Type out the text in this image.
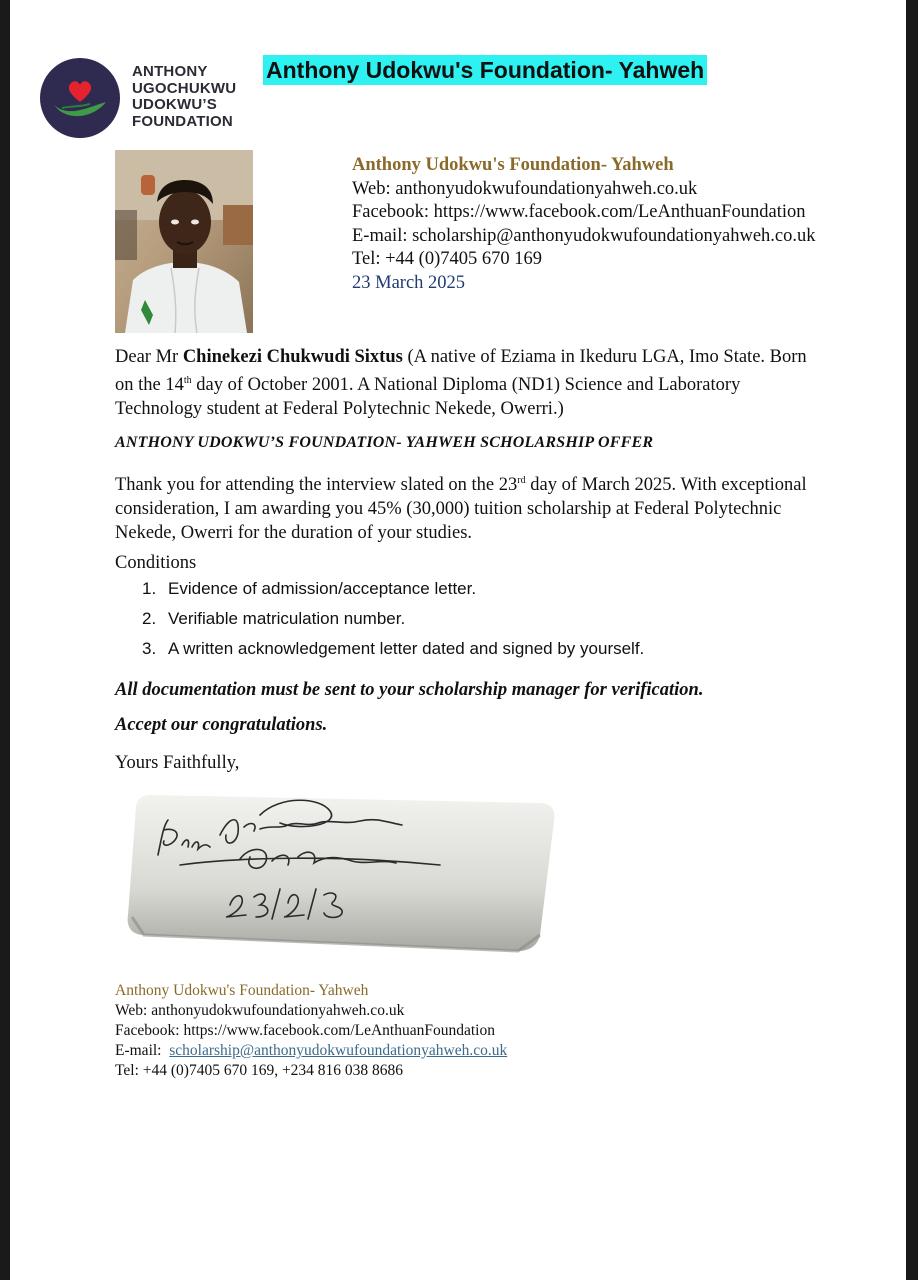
ANTHONY
UGOCHUKWU
UDOKWU’S
FOUNDATION
Anthony Udokwu's Foundation- Yahweh
Anthony Udokwu's Foundation- Yahweh
Web: anthonyudokwufoundationyahweh.co.uk
Facebook: https://www.facebook.com/LeAnthuanFoundation
E-mail: scholarship@anthonyudokwufoundationyahweh.co.uk
Tel: +44 (0)7405 670 169
23 March 2025
Dear Mr Chinekezi Chukwudi Sixtus (A native of Eziama in Ikeduru LGA, Imo State. Born on the 14th day of October 2001. A National Diploma (ND1) Science and Laboratory Technology student at Federal Polytechnic Nekede, Owerri.)
ANTHONY UDOKWU’S FOUNDATION- YAHWEH SCHOLARSHIP OFFER
Thank you for attending the interview slated on the 23rd day of March 2025. With exceptional consideration, I am awarding you 45% (30,000) tuition scholarship at Federal Polytechnic Nekede, Owerri for the duration of your studies.
Conditions
1. Evidence of admission/acceptance letter.
2. Verifiable matriculation number.
3. A written acknowledgement letter dated and signed by yourself.
All documentation must be sent to your scholarship manager for verification.
Accept our congratulations.
Yours Faithfully,
Anthony Udokwu's Foundation- Yahweh
Web: anthonyudokwufoundationyahweh.co.uk
Facebook: https://www.facebook.com/LeAnthuanFoundation
E-mail:  scholarship@anthonyudokwufoundationyahweh.co.uk
Tel: +44 (0)7405 670 169, +234 816 038 8686
